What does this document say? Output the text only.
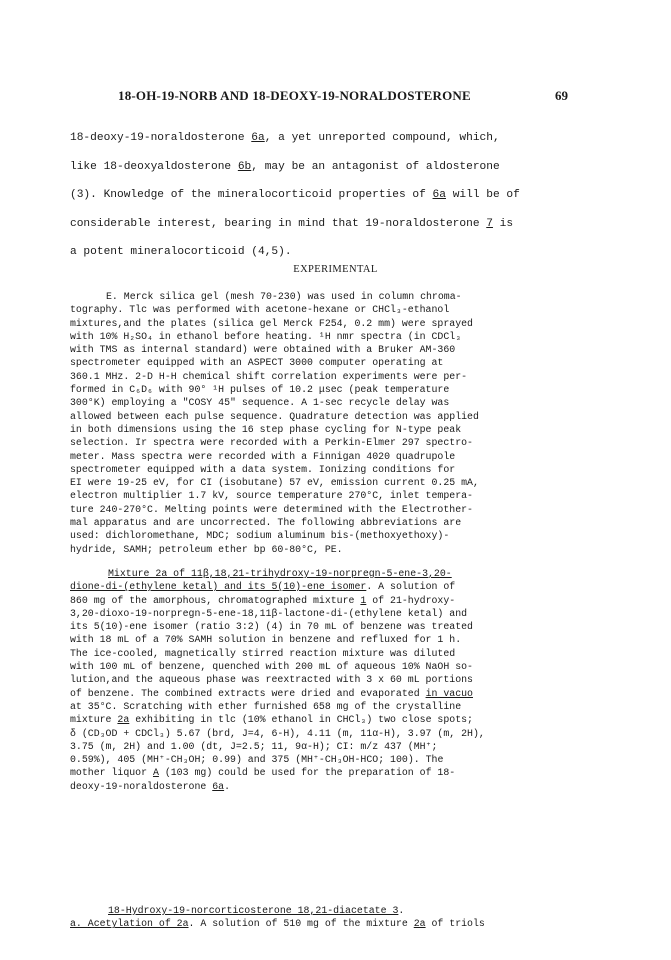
18-OH-19-NORB AND 18-DEOXY-19-NORALDOSTERONE	69
18-deoxy-19-noraldosterone 6a, a yet unreported compound, which,
like 18-deoxyaldosterone 6b, may be an antagonist of aldosterone
(3). Knowledge of the mineralocorticoid properties of 6a will be of
considerable interest, bearing in mind that 19-noraldosterone 7 is
a potent mineralocorticoid (4,5).
EXPERIMENTAL
E. Merck silica gel (mesh 70-230) was used in column chroma-
tography. Tlc was performed with acetone-hexane or CHCl₃-ethanol
mixtures,and the plates (silica gel Merck F254, 0.2 mm) were sprayed
with 10% H₂SO₄ in ethanol before heating. ¹H nmr spectra (in CDCl₃
with TMS as internal standard) were obtained with a Bruker AM-360
spectrometer equipped with an ASPECT 3000 computer operating at
360.1 MHz. 2-D H-H chemical shift correlation experiments were per-
formed in C₆D₆ with 90° ¹H pulses of 10.2 μsec (peak temperature
300°K) employing a "COSY 45" sequence. A 1-sec recycle delay was
allowed between each pulse sequence. Quadrature detection was applied
in both dimensions using the 16 step phase cycling for N-type peak
selection. Ir spectra were recorded with a Perkin-Elmer 297 spectro-
meter. Mass spectra were recorded with a Finnigan 4020 quadrupole
spectrometer equipped with a data system. Ionizing conditions for
EI were 19-25 eV, for CI (isobutane) 57 eV, emission current 0.25 mA,
electron multiplier 1.7 kV, source temperature 270°C, inlet tempera-
ture 240-270°C. Melting points were determined with the Electrother-
mal apparatus and are uncorrected. The following abbreviations are
used: dichloromethane, MDC; sodium aluminum bis-(methoxyethoxy)-
hydride, SAMH; petroleum ether bp 60-80°C, PE.
Mixture 2a of 11β,18,21-trihydroxy-19-norpregn-5-ene-3,20-
dione-di-(ethylene ketal) and its 5(10)-ene isomer. A solution of
860 mg of the amorphous, chromatographed mixture 1 of 21-hydroxy-
3,20-dioxo-19-norpregn-5-ene-18,11β-lactone-di-(ethylene ketal) and
its 5(10)-ene isomer (ratio 3:2) (4) in 70 mL of benzene was treated
with 18 mL of a 70% SAMH solution in benzene and refluxed for 1 h.
The ice-cooled, magnetically stirred reaction mixture was diluted
with 100 mL of benzene, quenched with 200 mL of aqueous 10% NaOH so-
lution,and the aqueous phase was reextracted with 3 x 60 mL portions
of benzene. The combined extracts were dried and evaporated in vacuo
at 35°C. Scratching with ether furnished 658 mg of the crystalline
mixture 2a exhibiting in tlc (10% ethanol in CHCl₃) two close spots;
δ (CD₃OD + CDCl₃) 5.67 (brd, J=4, 6-H), 4.11 (m, 11α-H), 3.97 (m, 2H),
3.75 (m, 2H) and 1.00 (dt, J=2.5; 11, 9α-H); CI: m/z 437 (MH⁺;
0.59%), 405 (MH⁺-CH₃OH; 0.99) and 375 (MH⁺-CH₃OH-HCO; 100). The
mother liquor A (103 mg) could be used for the preparation of 18-
deoxy-19-noraldosterone 6a.
18-Hydroxy-19-norcorticosterone 18,21-diacetate 3.
a. Acetylation of 2a. A solution of 510 mg of the mixture 2a of triols
